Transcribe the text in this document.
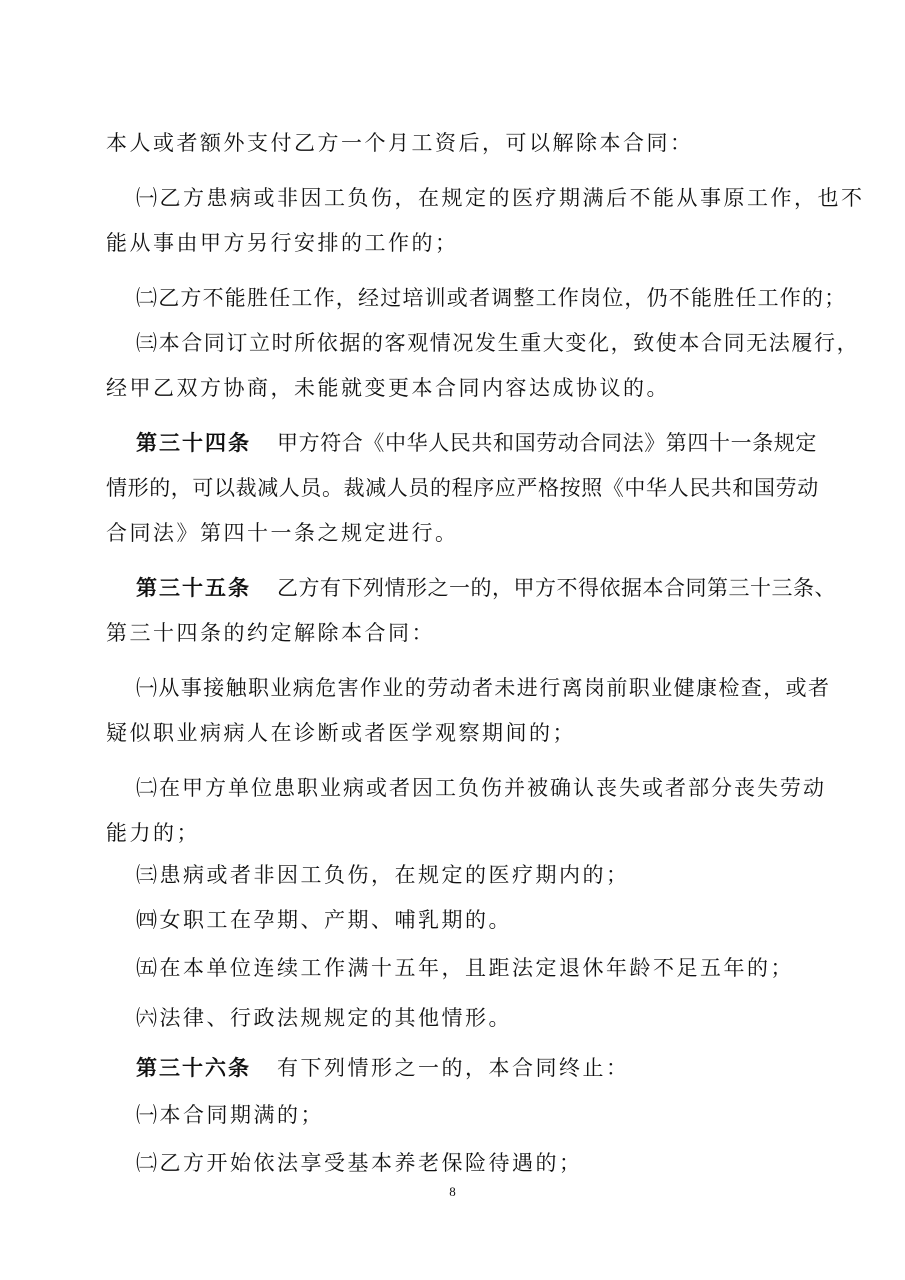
本人或者额外支付乙方一个月工资后，可以解除本合同：
㈠乙方患病或非因工负伤，在规定的医疗期满后不能从事原工作，也不
能从事由甲方另行安排的工作的；
㈡乙方不能胜任工作，经过培训或者调整工作岗位，仍不能胜任工作的；
㈢本合同订立时所依据的客观情况发生重大变化，致使本合同无法履行，
经甲乙双方协商，未能就变更本合同内容达成协议的。
第三十四条 甲方符合《中华人民共和国劳动合同法》第四十一条规定
情形的，可以裁减人员。裁减人员的程序应严格按照《中华人民共和国劳动
合同法》第四十一条之规定进行。
第三十五条 乙方有下列情形之一的，甲方不得依据本合同第三十三条、
第三十四条的约定解除本合同：
㈠从事接触职业病危害作业的劳动者未进行离岗前职业健康检查，或者
疑似职业病病人在诊断或者医学观察期间的；
㈡在甲方单位患职业病或者因工负伤并被确认丧失或者部分丧失劳动
能力的；
㈢患病或者非因工负伤，在规定的医疗期内的；
㈣女职工在孕期、产期、哺乳期的。
㈤在本单位连续工作满十五年，且距法定退休年龄不足五年的；
㈥法律、行政法规规定的其他情形。
第三十六条 有下列情形之一的，本合同终止：
㈠本合同期满的；
㈡乙方开始依法享受基本养老保险待遇的；
8
